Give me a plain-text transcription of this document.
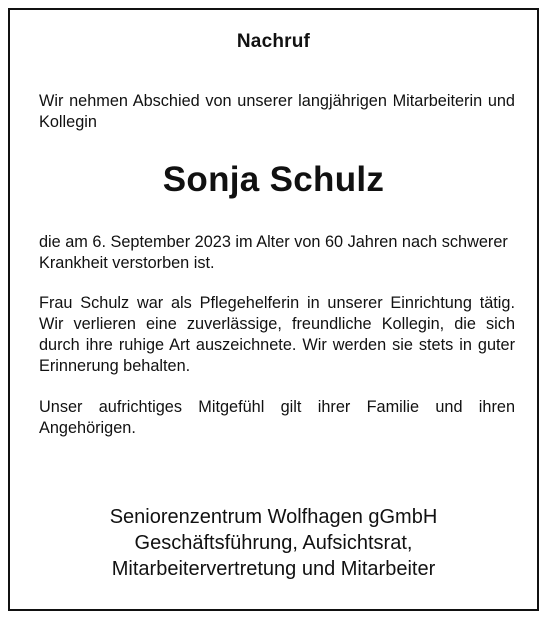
Nachruf
Wir nehmen Abschied von unserer langjährigen Mitarbeiterin und Kollegin
Sonja Schulz
die am 6. September 2023 im Alter von 60 Jahren nach schwerer Krankheit verstorben ist.
Frau Schulz war als Pflegehelferin in unserer Einrichtung tätig. Wir verlieren eine zuverlässige, freundliche Kollegin, die sich durch ihre ruhige Art auszeichnete. Wir werden sie stets in guter Erinnerung behalten.
Unser aufrichtiges Mitgefühl gilt ihrer Familie und ihren Angehörigen.
Seniorenzentrum Wolfhagen gGmbH
Geschäftsführung, Aufsichtsrat,
Mitarbeitervertretung und Mitarbeiter
